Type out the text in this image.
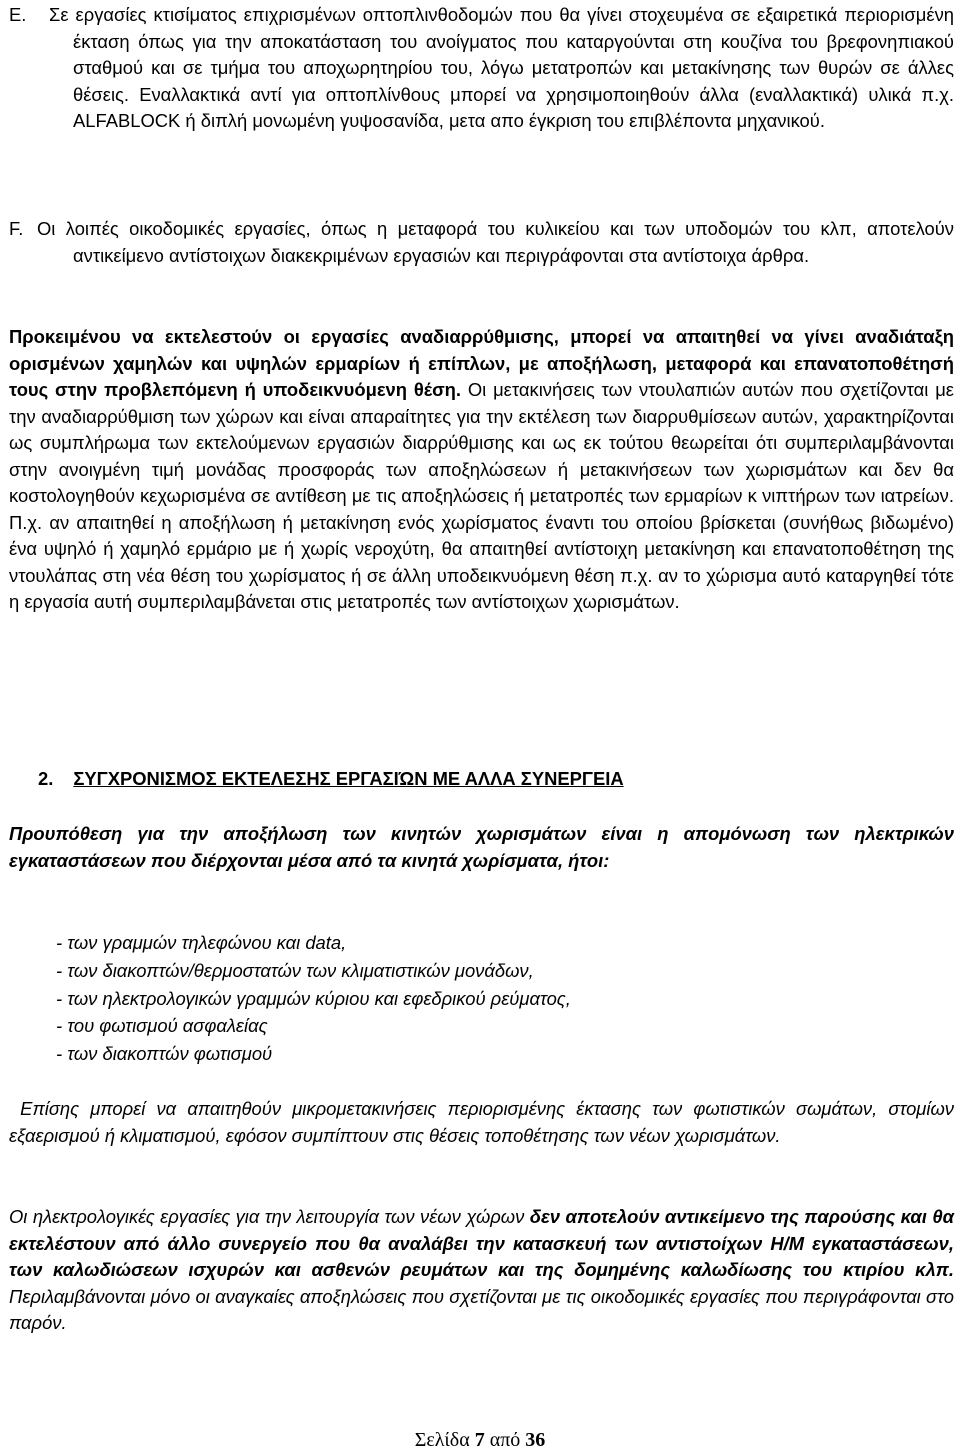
E. Σε εργασίες κτισίματος επιχρισμένων οπτοπλινθοδομών που θα γίνει στοχευμένα σε εξαιρετικά περιορισμένη έκταση όπως για την αποκατάσταση του ανοίγματος που καταργούνται στη κουζίνα του βρεφονηπιακού σταθμού και σε τμήμα του αποχωρητηρίου του, λόγω μετατροπών και μετακίνησης των θυρών σε άλλες θέσεις. Εναλλακτικά αντί για οπτοπλίνθους μπορεί να χρησιμοποιηθούν άλλα (εναλλακτικά) υλικά π.χ. ALFABLOCK ή διπλή μονωμένη γυψοσανίδα, μετα απο έγκριση του επιβλέποντα μηχανικού.

F. Οι λοιπές οικοδομικές εργασίες, όπως η μεταφορά του κυλικείου και των υποδομών του κλπ, αποτελούν αντικείμενο αντίστοιχων διακεκριμένων εργασιών και περιγράφονται στα αντίστοιχα άρθρα.

Προκειμένου να εκτελεστούν οι εργασίες αναδιαρρύθμισης, μπορεί να απαιτηθεί να γίνει αναδιάταξη ορισμένων χαμηλών και υψηλών ερμαρίων ή επίπλων, με αποξήλωση, μεταφορά και επανατοποθέτησή τους στην προβλεπόμενη ή υποδεικνυόμενη θέση. Οι μετακινήσεις των ντουλαπιών αυτών που σχετίζονται με την αναδιαρρύθμιση των χώρων και είναι απαραίτητες για την εκτέλεση των διαρρυθμίσεων αυτών, χαρακτηρίζονται ως συμπλήρωμα των εκτελούμενων εργασιών διαρρύθμισης και ως εκ τούτου θεωρείται ότι συμπεριλαμβάνονται στην ανοιγμένη τιμή μονάδας προσφοράς των αποξηλώσεων ή μετακινήσεων των χωρισμάτων και δεν θα κοστολογηθούν κεχωρισμένα σε αντίθεση με τις αποξηλώσεις ή μετατροπές των ερμαρίων κ νιπτήρων των ιατρείων. Π.χ. αν απαιτηθεί η αποξήλωση ή μετακίνηση ενός χωρίσματος έναντι του οποίου βρίσκεται (συνήθως βιδωμένο) ένα υψηλό ή χαμηλό ερμάριο με ή χωρίς νεροχύτη, θα απαιτηθεί αντίστοιχη μετακίνηση και επανατοποθέτηση της ντουλάπας στη νέα θέση του χωρίσματος ή σε άλλη υποδεικνυόμενη θέση π.χ. αν το χώρισμα αυτό καταργηθεί τότε η εργασία αυτή συμπεριλαμβάνεται στις μετατροπές των αντίστοιχων χωρισμάτων.

2. ΣΥΓΧΡΟΝΙΣΜΟΣ ΕΚΤΕΛΕΣΗΣ ΕΡΓΑΣΙΏΝ ΜΕ ΑΛΛΑ ΣΥΝΕΡΓΕΙΑ

Προυπόθεση για την αποξήλωση των κινητών χωρισμάτων είναι η απομόνωση των ηλεκτρικών εγκαταστάσεων που διέρχονται μέσα από τα κινητά χωρίσματα, ήτοι:

- των γραμμών τηλεφώνου και data,
- των διακοπτών/θερμοστατών των κλιματιστικών μονάδων,
- των ηλεκτρολογικών γραμμών κύριου και εφεδρικού ρεύματος,
- του φωτισμού ασφαλείας
- των διακοπτών φωτισμού

Επίσης μπορεί να απαιτηθούν μικρομετακινήσεις περιορισμένης έκτασης των φωτιστικών σωμάτων, στομίων εξαερισμού ή κλιματισμού, εφόσον συμπίπτουν στις θέσεις τοποθέτησης των νέων χωρισμάτων.

Οι ηλεκτρολογικές εργασίες για την λειτουργία των νέων χώρων δεν αποτελούν αντικείμενο της παρούσης και θα εκτελέστουν από άλλο συνεργείο που θα αναλάβει την κατασκευή των αντιστοίχων Η/Μ εγκαταστάσεων, των καλωδιώσεων ισχυρών και ασθενών ρευμάτων και της δομημένης καλωδίωσης του κτιρίου κλπ. Περιλαμβάνονται μόνο οι αναγκαίες αποξηλώσεις που σχετίζονται με τις οικοδομικές εργασίες που περιγράφονται στο παρόν.

Σελίδα 7 από 36
